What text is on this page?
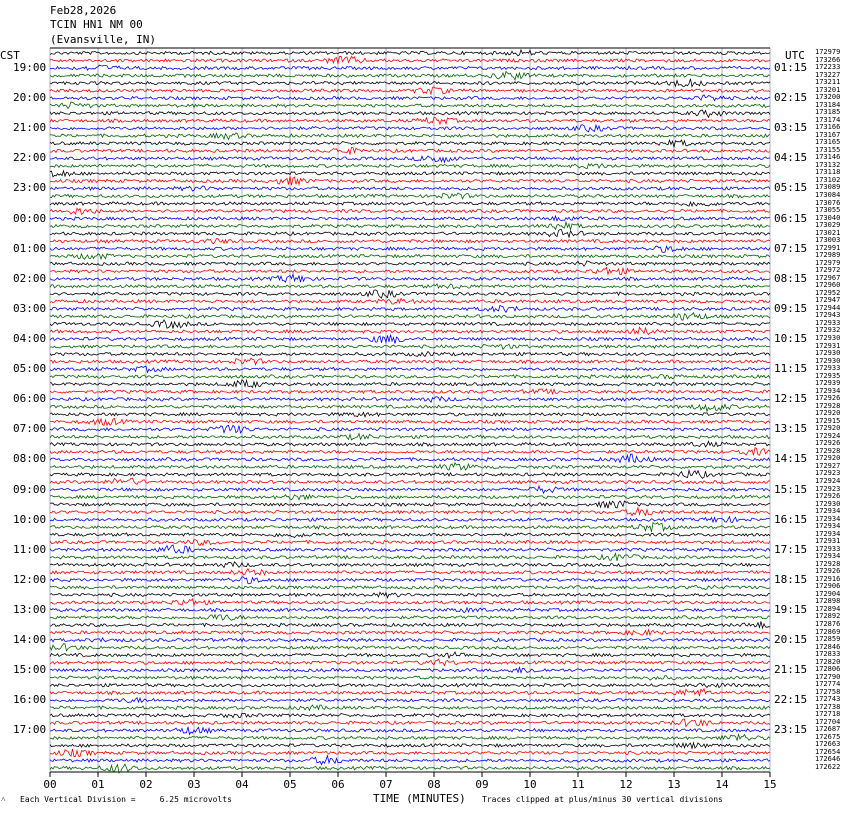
Feb28,2026
TCIN HN1 NM 00
(Evansville, IN)
CST	UTC
00	01	02	03	04	05	06	07	08	09	10	11	12	13	14	15
19:00
20:00
21:00
22:00
23:00
00:00
01:00
02:00
03:00
04:00
05:00
06:00
07:00
08:00
09:00
10:00
11:00
12:00
13:00
14:00
15:00
16:00
17:00
01:15
02:15
03:15
04:15
05:15
06:15
07:15
08:15
09:15
10:15
11:15
12:15
13:15
14:15
15:15
16:15
17:15
18:15
19:15
20:15
21:15
22:15
23:15
172979
173266
172233
173227
173211
173201
173200
173184
173185
173174
173166
173167
173165
173155
173146
173132
173118
173102
173089
173084
173076
173055
173040
173029
173021
173003
172991
172989
172979
172972
172967
172960
172952
172947
172944
172943
172933
172932
172930
172931
172930
172930
172933
172935
172939
172934
172926
172928
172920
172915
172920
172924
172926
172928
172920
172927
172923
172924
172923
172926
172930
172934
172934
172934
172934
172931
172933
172934
172928
172926
172916
172906
172904
172898
172894
172892
172876
172869
172859
172846
172833
172820
172806
172790
172774
172758
172743
172738
172718
172704
172687
172675
172663
172654
172646
172622
˄ Each Vertical Division =     6.25 microvolts	TIME (MINUTES) Traces clipped at plus/minus 30 vertical divisions
